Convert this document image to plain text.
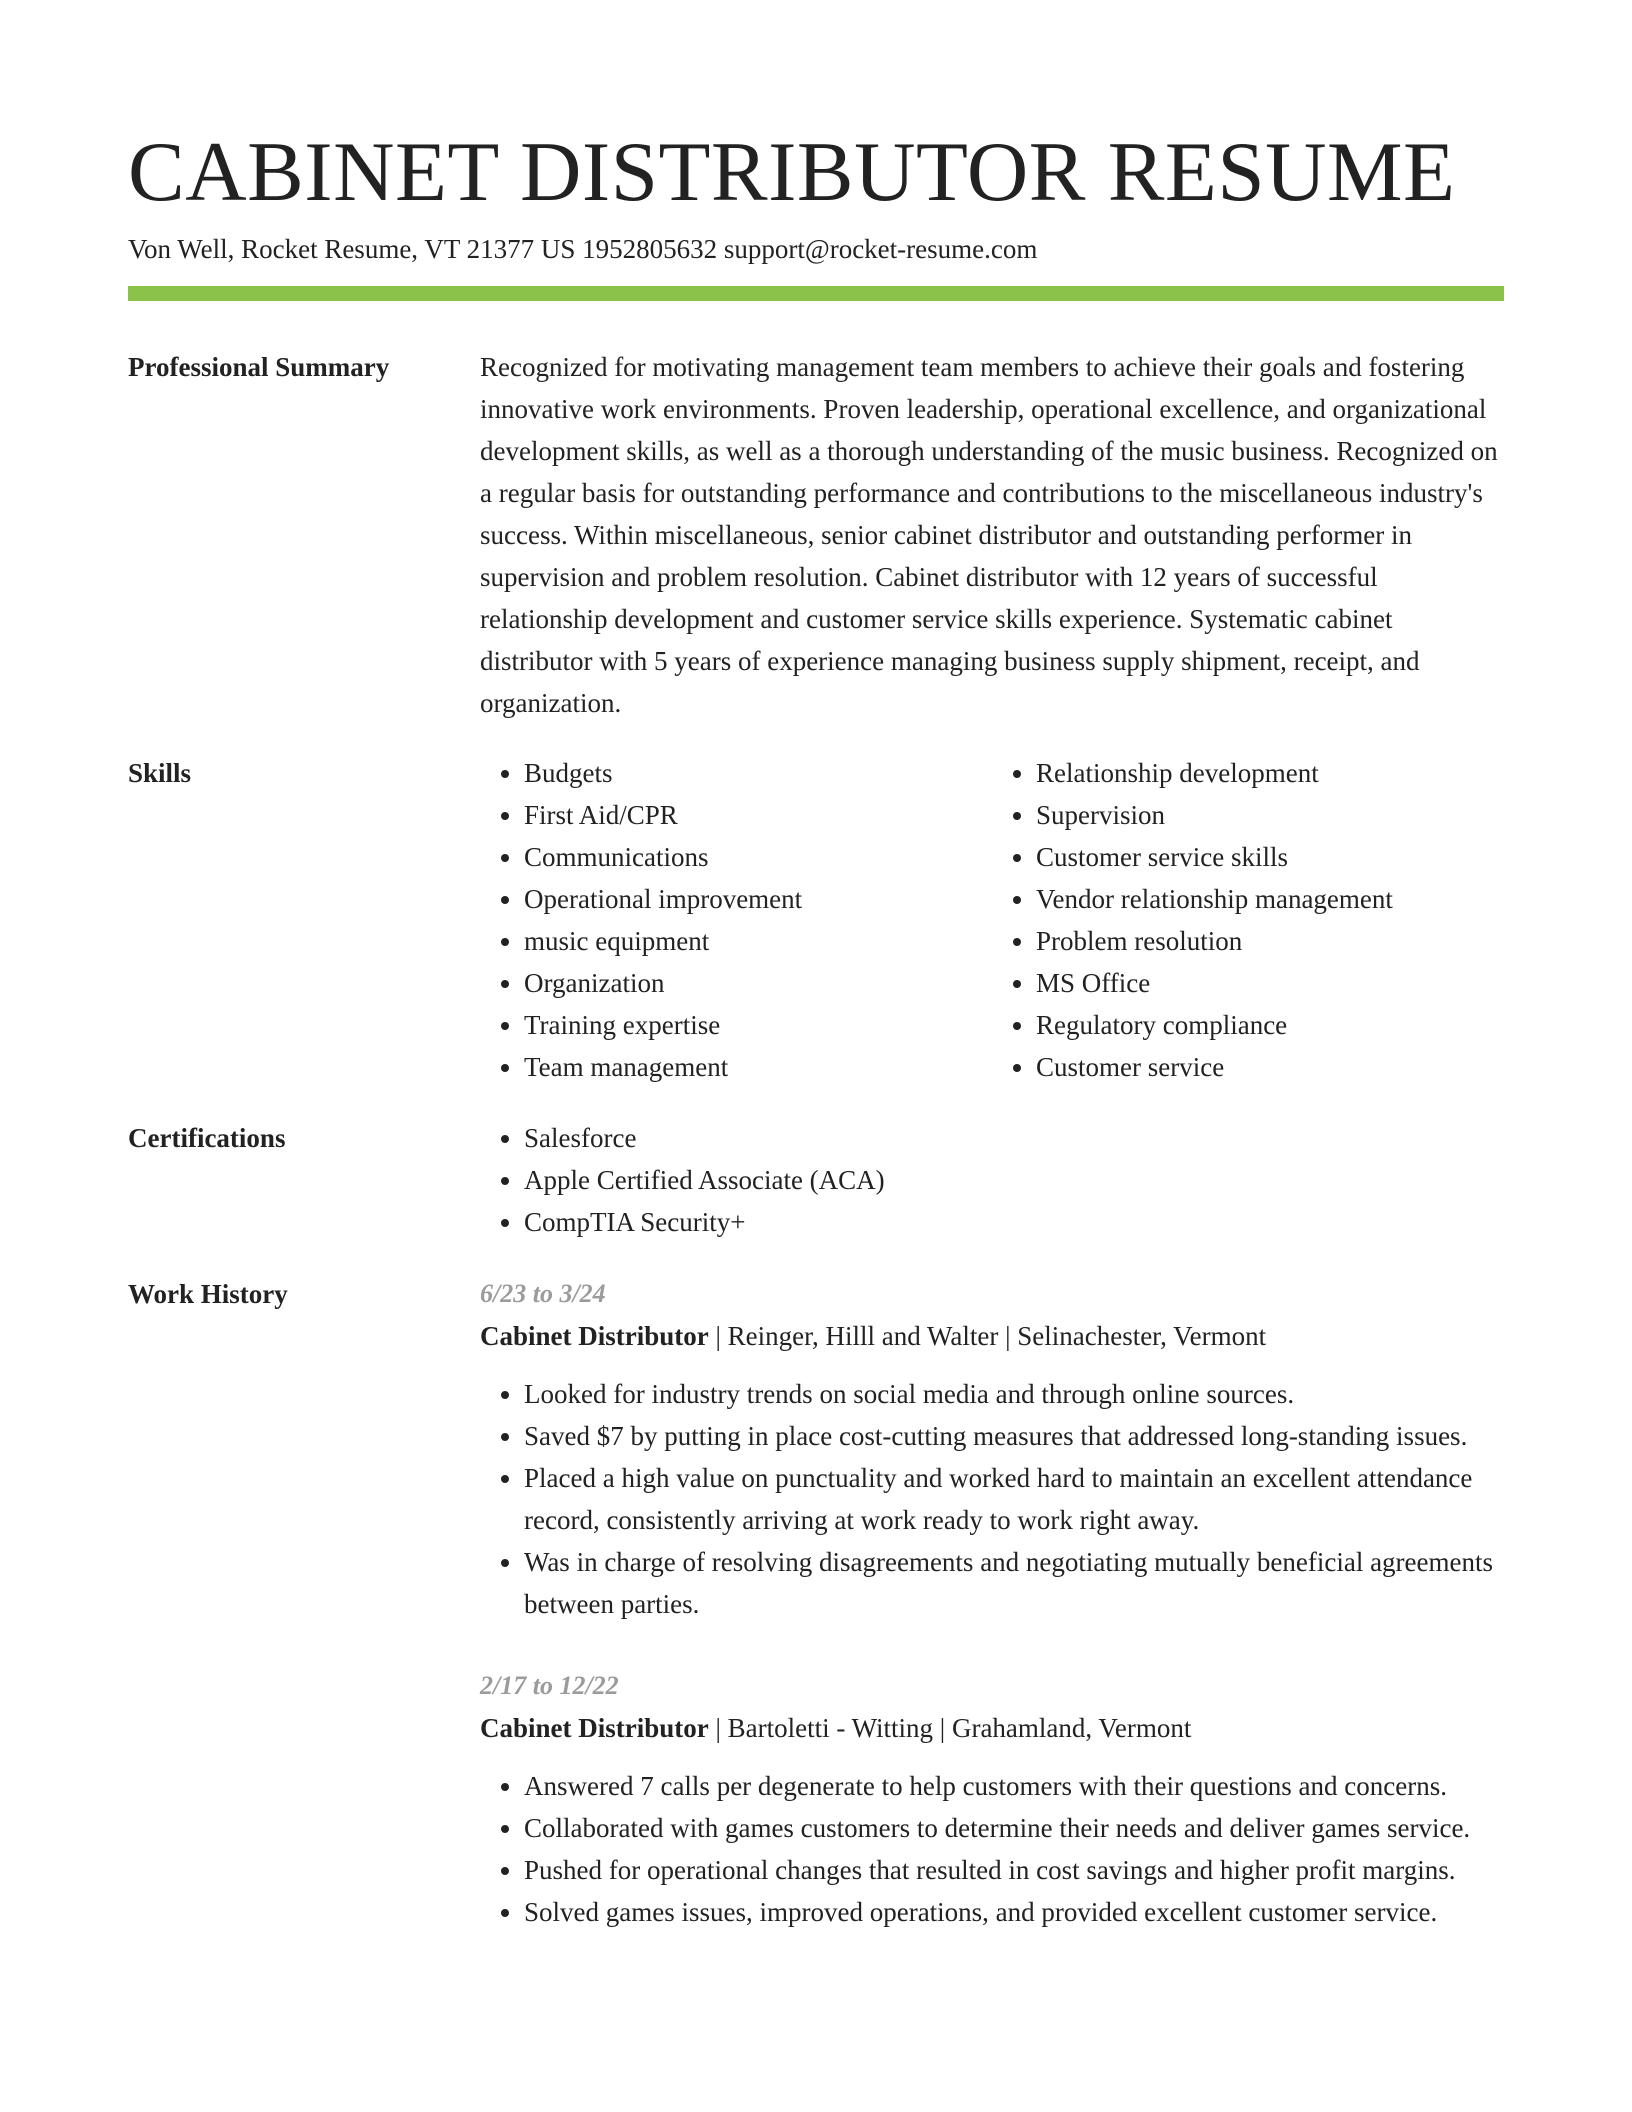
CABINET DISTRIBUTOR RESUME
Von Well, Rocket Resume, VT 21377 US 1952805632 support@rocket-resume.com
Professional Summary	Recognized for motivating management team members to achieve their goals and fostering innovative work environments. Proven leadership, operational excellence, and organizational development skills, as well as a thorough understanding of the music business. Recognized on a regular basis for outstanding performance and contributions to the miscellaneous industry's success. Within miscellaneous, senior cabinet distributor and outstanding performer in supervision and problem resolution. Cabinet distributor with 12 years of successful relationship development and customer service skills experience. Systematic cabinet distributor with 5 years of experience managing business supply shipment, receipt, and organization.

Skills	• Budgets
• First Aid/CPR
• Communications
• Operational improvement
• music equipment
• Organization
• Training expertise
• Team management
• Relationship development
• Supervision
• Customer service skills
• Vendor relationship management
• Problem resolution
• MS Office
• Regulatory compliance
• Customer service
Certifications	• Salesforce
• Apple Certified Associate (ACA)
• CompTIA Security+
Work History	6/23 to 3/24
Cabinet Distributor | Reinger, Hilll and Walter | Selinachester, Vermont
• Looked for industry trends on social media and through online sources.
• Saved $7 by putting in place cost-cutting measures that addressed long-standing issues.
• Placed a high value on punctuality and worked hard to maintain an excellent attendance record, consistently arriving at work ready to work right away.
• Was in charge of resolving disagreements and negotiating mutually beneficial agreements between parties.
2/17 to 12/22
Cabinet Distributor | Bartoletti - Witting | Grahamland, Vermont
• Answered 7 calls per degenerate to help customers with their questions and concerns.
• Collaborated with games customers to determine their needs and deliver games service.
• Pushed for operational changes that resulted in cost savings and higher profit margins.
• Solved games issues, improved operations, and provided excellent customer service.
